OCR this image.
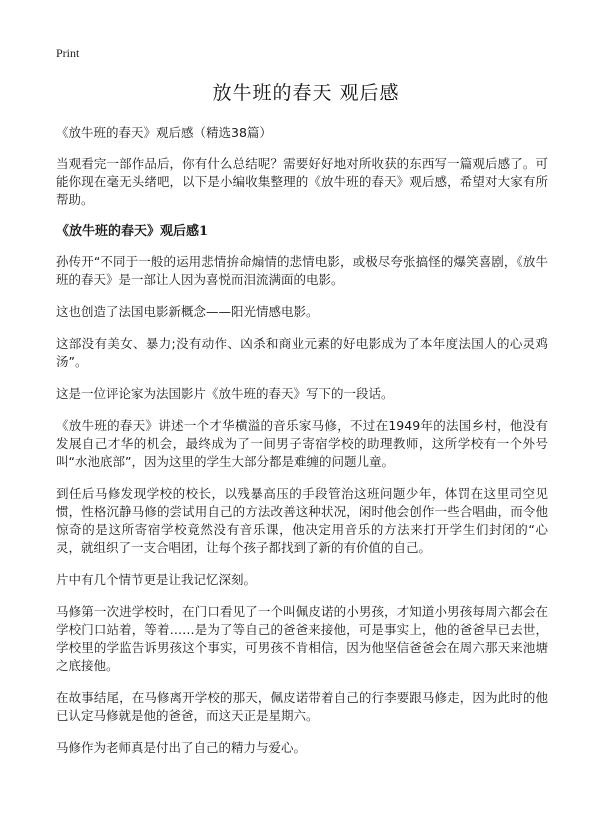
Print
放牛班的春天 观后感
《放牛班的春天》观后感（精选38篇）

当观看完一部作品后，你有什么总结呢？需要好好地对所收获的东西写一篇观后感了。可能你现在毫无头绪吧，以下是小编收集整理的《放牛班的春天》观后感，希望对大家有所帮助。

《放牛班的春天》观后感1

孙传开“不同于一般的运用悲情拚命煽情的悲情电影，或极尽夸张搞怪的爆笑喜剧，《放牛班的春天》是一部让人因为喜悦而泪流满面的电影。

这也创造了法国电影新概念——阳光情感电影。

这部没有美女、暴力;没有动作、凶杀和商业元素的好电影成为了本年度法国人的心灵鸡汤”。

这是一位评论家为法国影片《放牛班的春天》写下的一段话。

《放牛班的春天》讲述一个才华横溢的音乐家马修，不过在1949年的法国乡村，他没有发展自己才华的机会，最终成为了一间男子寄宿学校的助理教师，这所学校有一个外号叫“水池底部”，因为这里的学生大部分都是难缠的问题儿童。

到任后马修发现学校的校长，以残暴高压的手段管治这班问题少年，体罚在这里司空见惯，性格沉静马修的尝试用自己的方法改善这种状况，闲时他会创作一些合唱曲，而令他惊奇的是这所寄宿学校竟然没有音乐课，他决定用音乐的方法来打开学生们封闭的“心灵，就组织了一支合唱团，让每个孩子都找到了新的有价值的自己。

片中有几个情节更是让我记忆深刻。

马修第一次进学校时，在门口看见了一个叫佩皮诺的小男孩，才知道小男孩每周六都会在学校门口站着，等着……是为了等自己的爸爸来接他，可是事实上，他的爸爸早已去世，学校里的学监告诉男孩这个事实，可男孩不肯相信，因为他坚信爸爸会在周六那天来池塘之底接他。

在故事结尾，在马修离开学校的那天，佩皮诺带着自己的行李要跟马修走，因为此时的他已认定马修就是他的爸爸，而这天正是星期六。

马修作为老师真是付出了自己的精力与爱心。
